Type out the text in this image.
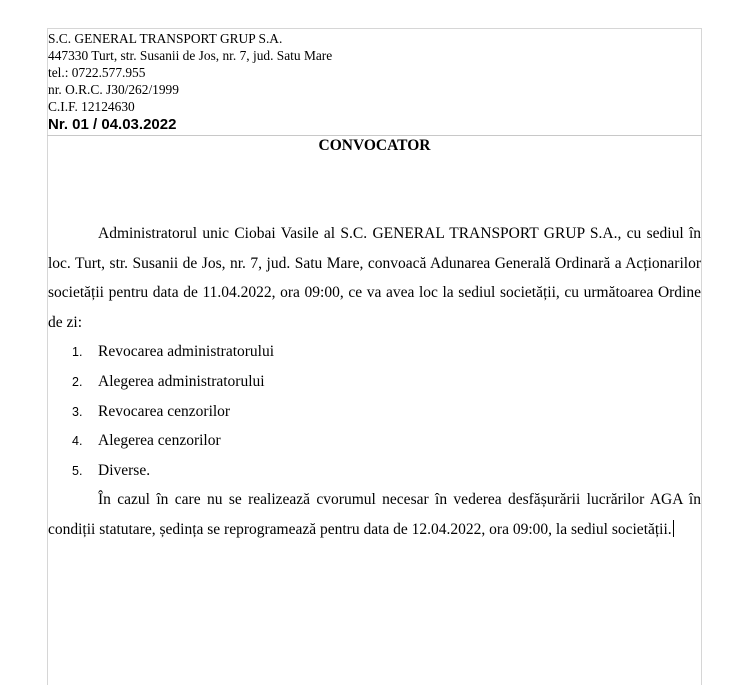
S.C. GENERAL TRANSPORT GRUP S.A.
447330 Turt, str. Susanii de Jos, nr. 7, jud. Satu Mare
tel.: 0722.577.955
nr. O.R.C. J30/262/1999
C.I.F. 12124630
Nr. 01 / 04.03.2022
CONVOCATOR

Administratorul unic Ciobai Vasile al S.C. GENERAL TRANSPORT GRUP S.A., cu sediul în loc. Turt, str. Susanii de Jos, nr. 7, jud. Satu Mare, convoacă Adunarea Generală Ordinară a Acționarilor societății pentru data de 11.04.2022, ora 09:00, ce va avea loc la sediul societății, cu următoarea Ordine de zi:

1. Revocarea administratorului
2. Alegerea administratorului
3. Revocarea cenzorilor
4. Alegerea cenzorilor
5. Diverse.

În cazul în care nu se realizează cvorumul necesar în vederea desfășurării lucrărilor AGA în condiții statutare, ședința se reprogramează pentru data de 12.04.2022, ora 09:00, la sediul societății.
